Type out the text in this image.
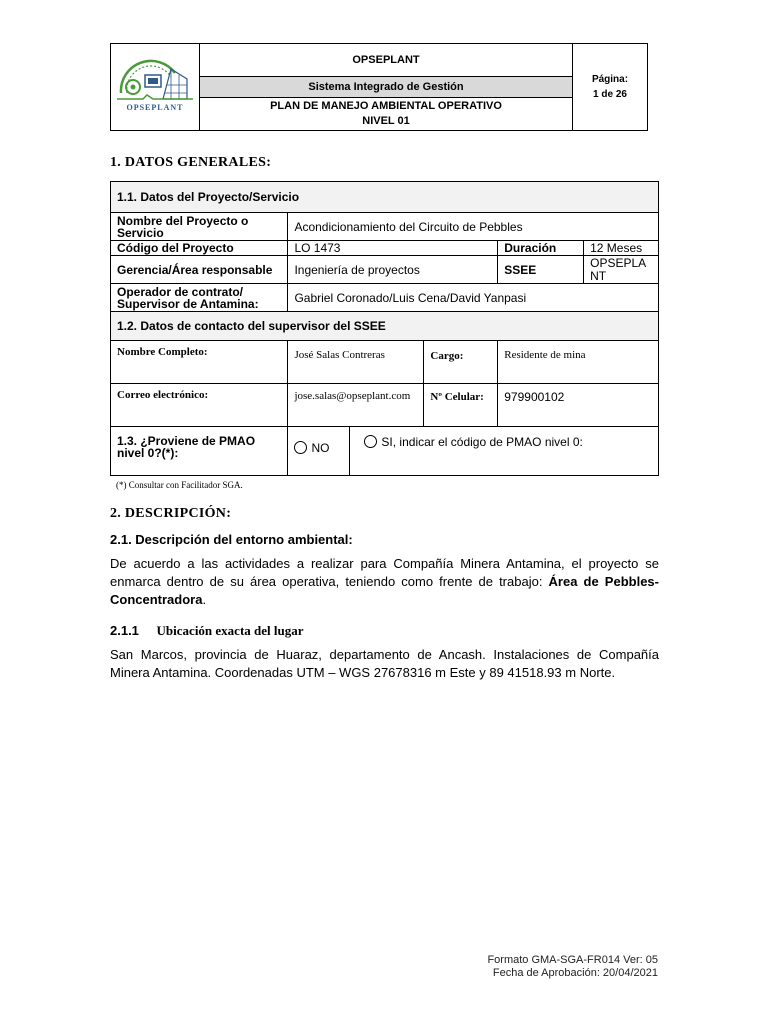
OPSEPLANT
	OPSEPLANT	
Página:
1 de 26

Sistema Integrado de Gestión

PLAN DE MANEJO AMBIENTAL OPERATIVO
NIVEL 01
1. DATOS GENERALES:
1.1. Datos del Proyecto/Servicio					
Nombre del Proyecto o Servicio	Acondicionamiento del Circuito de Pebbles				
Código del Proyecto	LO 1473			Duración	12 Meses
Gerencia/Área responsable	Ingeniería de proyectos			SSEE	OPSEPLANT
Operador de contrato/ Supervisor de Antamina:	Gabriel Coronado/Luis Cena/David Yanpasi				
1.2. Datos de contacto del supervisor del SSEE					
Nombre Completo:	José Salas Contreras		Cargo:	Residente de mina	
Correo electrónico:	jose.salas@opseplant.com		Nº Celular:	979900102	
1.3. ¿Proviene de PMAO nivel 0?(*):	NO	SI, indicar el código de PMAO nivel 0:			
(*) Consultar con Facilitador SGA.
2. DESCRIPCIÓN:
2.1. Descripción del entorno ambiental:
De acuerdo a las actividades a realizar para Compañía Minera Antamina, el proyecto se enmarca dentro de su área operativa, teniendo como frente de trabajo: Área de Pebbles-Concentradora.
2.1.1 Ubicación exacta del lugar
San Marcos, provincia de Huaraz, departamento de Ancash. Instalaciones de Compañía Minera Antamina. Coordenadas UTM – WGS 27678316 m Este y 89 41518.93 m Norte.
Formato GMA-SGA-FR014 Ver: 05
Fecha de Aprobación: 20/04/2021
